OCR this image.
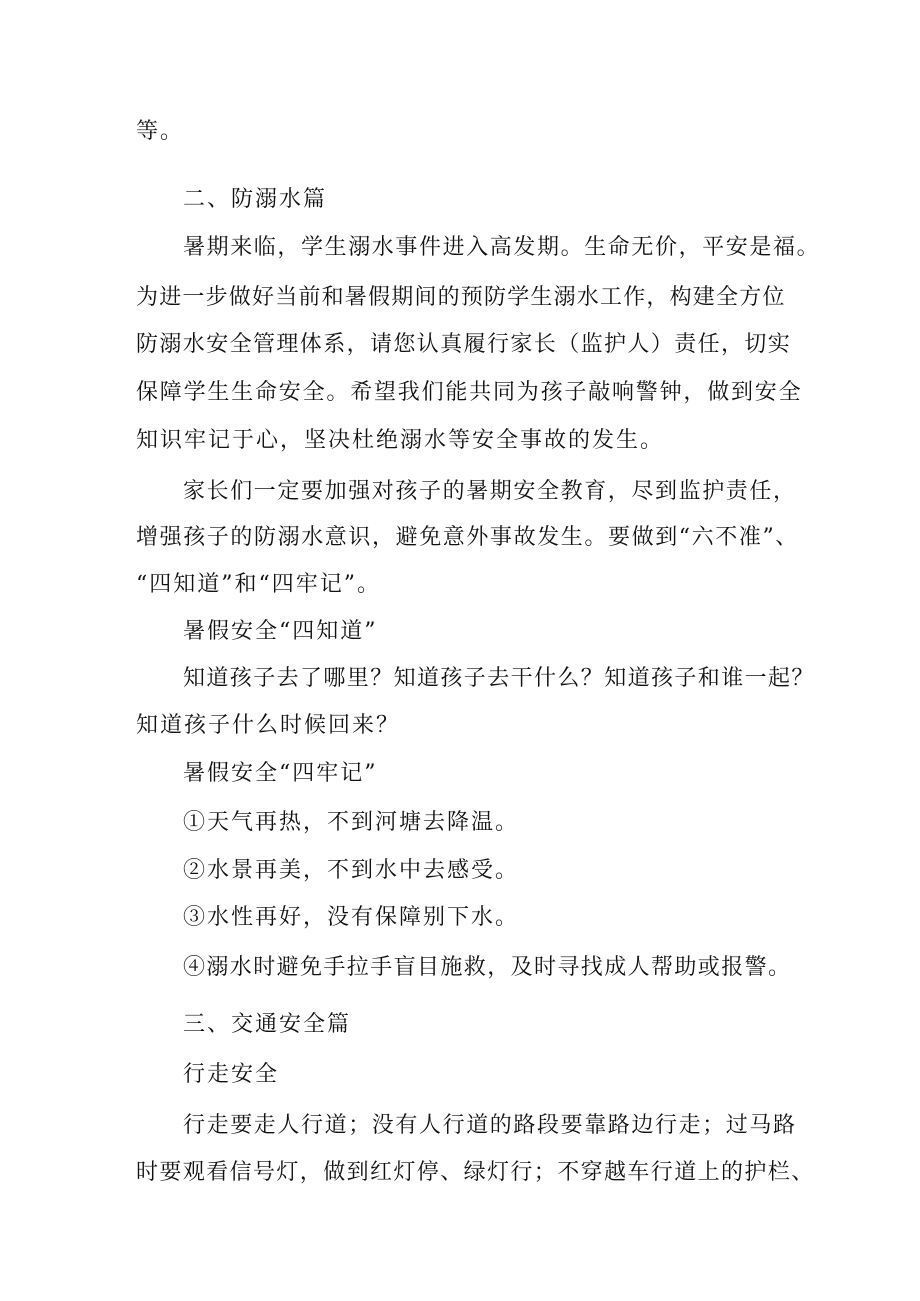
等。
二、防溺水篇
暑期来临，学生溺水事件进入高发期。生命无价，平安是福。
为进一步做好当前和暑假期间的预防学生溺水工作，构建全方位
防溺水安全管理体系，请您认真履行家长（监护人）责任，切实
保障学生生命安全。希望我们能共同为孩子敲响警钟，做到安全
知识牢记于心，坚决杜绝溺水等安全事故的发生。
家长们一定要加强对孩子的暑期安全教育，尽到监护责任，
增强孩子的防溺水意识，避免意外事故发生。要做到“六不准”、
“四知道”和“四牢记”。
暑假安全“四知道”
知道孩子去了哪里？知道孩子去干什么？知道孩子和谁一起？
知道孩子什么时候回来？
暑假安全“四牢记”
①天气再热，不到河塘去降温。
②水景再美，不到水中去感受。
③水性再好，没有保障别下水。
④溺水时避免手拉手盲目施救，及时寻找成人帮助或报警。
三、交通安全篇
行走安全
行走要走人行道；没有人行道的路段要靠路边行走；过马路
时要观看信号灯，做到红灯停、绿灯行；不穿越车行道上的护栏、
